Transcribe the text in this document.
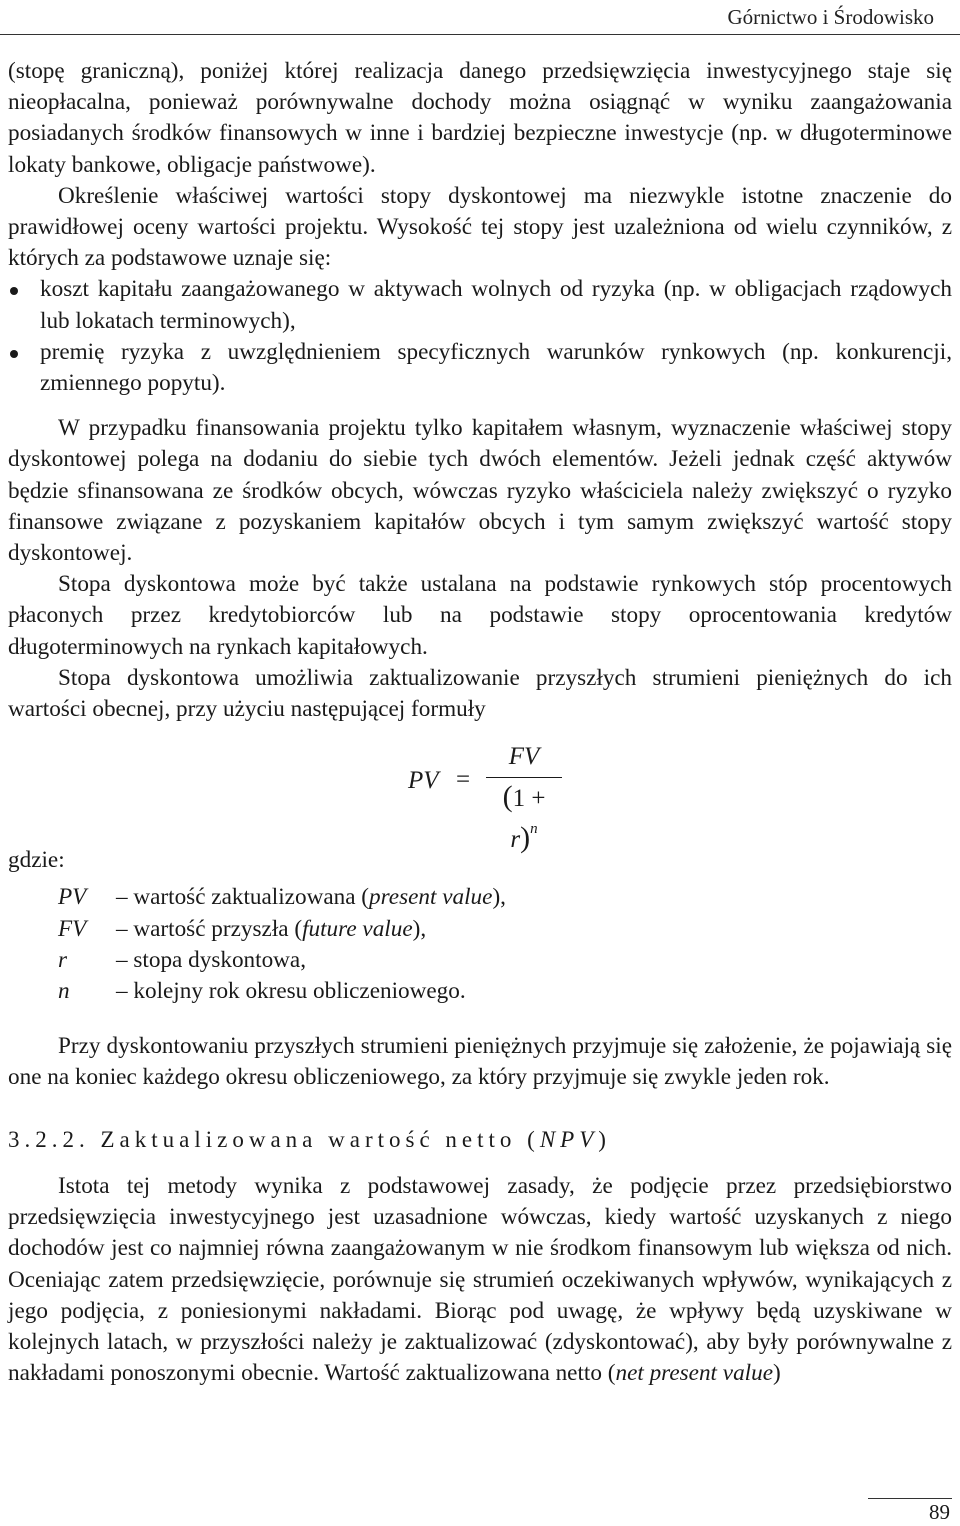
Górnictwo i Środowisko

(stopę graniczną), poniżej której realizacja danego przedsięwzięcia inwestycyjnego staje się nieopłacalna, ponieważ porównywalne dochody można osiągnąć w wyniku zaangażowania posiadanych środków finansowych w inne i bardziej bezpieczne inwestycje (np. w długoterminowe lokaty bankowe, obligacje państwowe).

Określenie właściwej wartości stopy dyskontowej ma niezwykle istotne znaczenie do prawidłowej oceny wartości projektu. Wysokość tej stopy jest uzależniona od wielu czynników, z których za podstawowe uznaje się:

koszt kapitału zaangażowanego w aktywach wolnych od ryzyka (np. w obligacjach rządowych lub lokatach terminowych),
premię ryzyka z uwzględnieniem specyficznych warunków rynkowych (np. konkurencji, zmiennego popytu).

W przypadku finansowania projektu tylko kapitałem własnym, wyznaczenie właściwej stopy dyskontowej polega na dodaniu do siebie tych dwóch elementów. Jeżeli jednak część aktywów będzie sfinansowana ze środków obcych, wówczas ryzyko właściciela należy zwiększyć o ryzyko finansowe związane z pozyskaniem kapitałów obcych i tym samym zwiększyć wartość stopy dyskontowej.

Stopa dyskontowa może być także ustalana na podstawie rynkowych stóp procentowych płaconych przez kredytobiorców lub na podstawie stopy oprocentowania kredytów długoterminowych na rynkach kapitałowych.

Stopa dyskontowa umożliwia zaktualizowanie przyszłych strumieni pieniężnych do ich wartości obecnej, przy użyciu następującej formuły

PV =
FV
$(1 + r)^n$

gdzie:

PV	– wartość zaktualizowana (present value),
FV	– wartość przyszła (future value),
r	– stopa dyskontowa,
n	– kolejny rok okresu obliczeniowego.

Przy dyskontowaniu przyszłych strumieni pieniężnych przyjmuje się założenie, że pojawiają się one na koniec każdego okresu obliczeniowego, za który przyjmuje się zwykle jeden rok.

3.2.2. Zaktualizowana wartość netto (NPV)

Istota tej metody wynika z podstawowej zasady, że podjęcie przez przedsiębiorstwo przedsięwzięcia inwestycyjnego jest uzasadnione wówczas, kiedy wartość uzyskanych z niego dochodów jest co najmniej równa zaangażowanym w nie środkom finansowym lub większa od nich. Oceniając zatem przedsięwzięcie, porównuje się strumień oczekiwanych wpływów, wynikających z jego podjęcia, z poniesionymi nakładami. Biorąc pod uwagę, że wpływy będą uzyskiwane w kolejnych latach, w przyszłości należy je zaktualizować (zdyskontować), aby były porównywalne z nakładami ponoszonymi obecnie. Wartość zaktualizowana netto (net present value)

89
